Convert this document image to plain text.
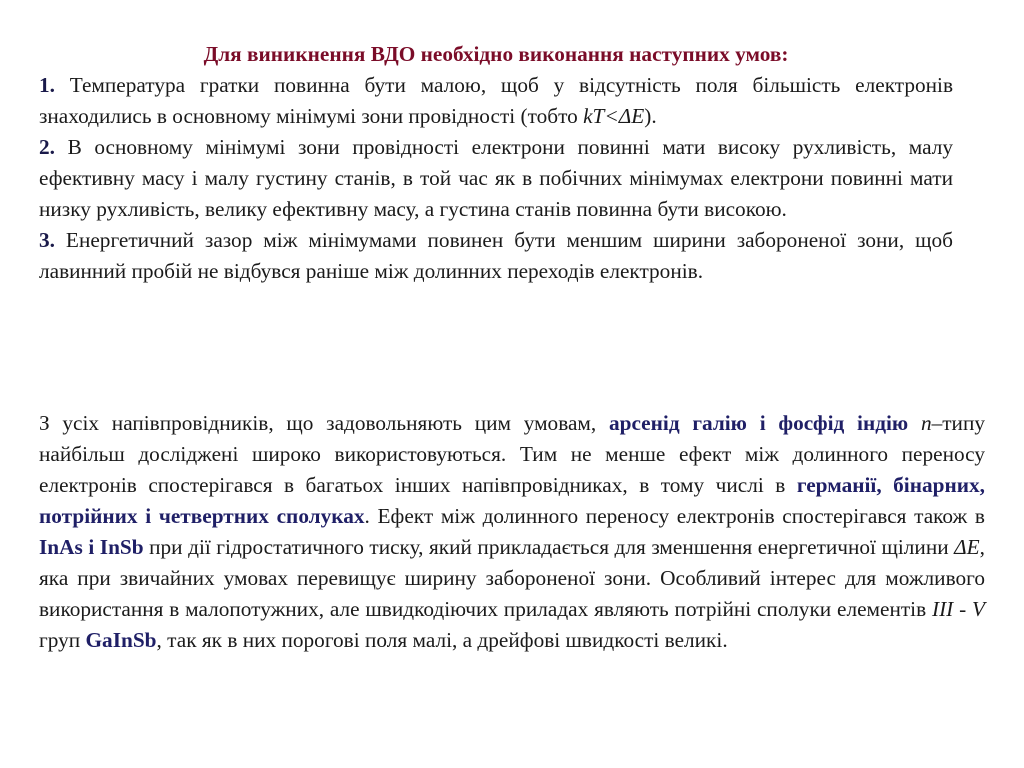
Для виникнення ВДО необхідно виконання наступних умов:

1. Температура гратки повинна бути малою, щоб у відсутність поля більшість електронів знаходились в основному мінімумі зони провідності (тобто kT<ΔE).

2. В основному мінімумі зони провідності електрони повинні мати високу рухливість, малу ефективну масу і малу густину станів, в той час як в побічних мінімумах електрони повинні мати низку рухливість, велику ефективну масу, а густина станів повинна бути високою.

3. Енергетичний зазор між мінімумами повинен бути меншим ширини забороненої зони, щоб лавинний пробій не відбувся раніше між долинних переходів електронів.

З усіх напівпровідників, що задовольняють цим умовам, арсенід галію і фосфід індію n–типу найбільш досліджені широко використовуються. Тим не менше ефект між долинного переносу електронів спостерігався в багатьох інших напівпровідниках, в тому числі в германії, бінарних, потрійних і четвертних сполуках. Ефект між долинного переносу електронів спостерігався також в InAs і InSb при дії гідростатичного тиску, який прикладається для зменшення енергетичної щілини ΔE, яка при звичайних умовах перевищує ширину забороненої зони. Особливий інтерес для можливого використання в малопотужних, але швидкодіючих приладах являють потрійні сполуки елементів III - V груп GaInSb, так як в них порогові поля малі, а дрейфові швидкості великі.
